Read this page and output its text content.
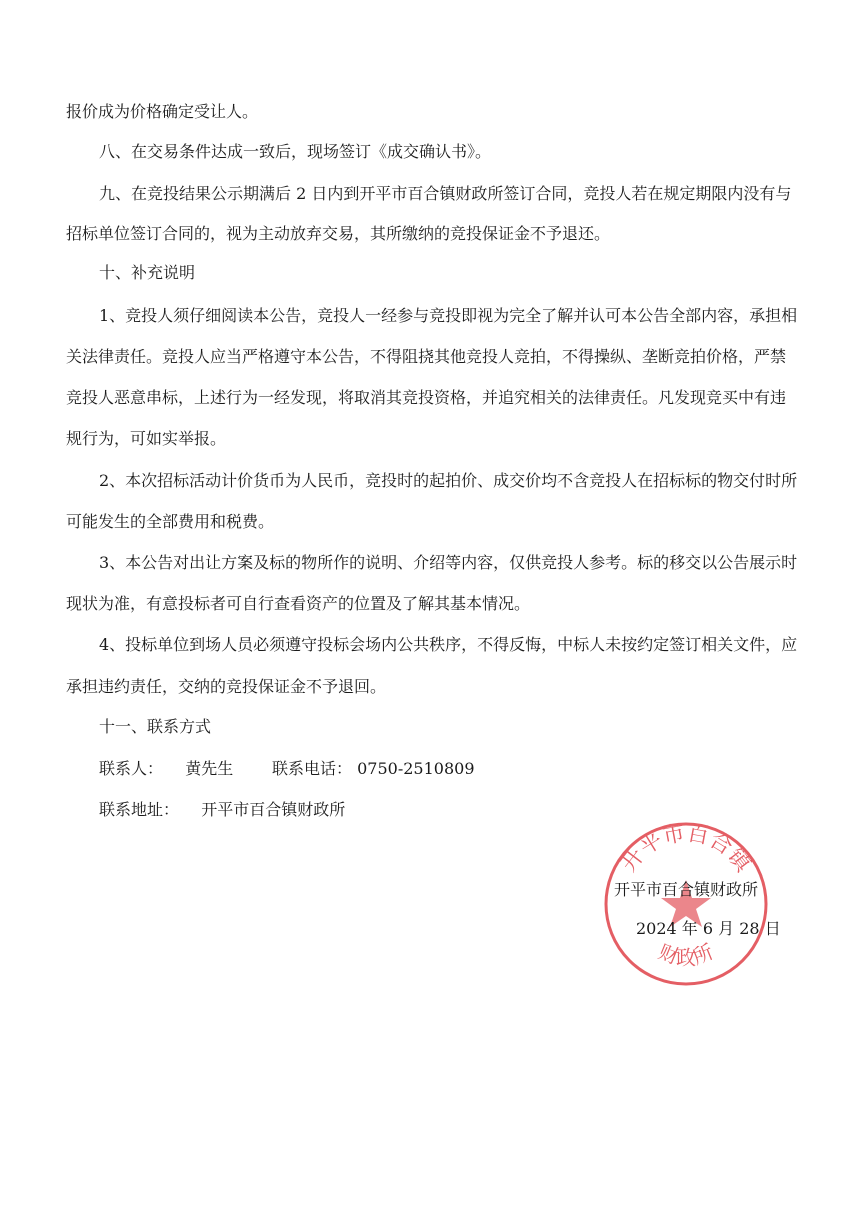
报价成为价格确定受让人。
八、在交易条件达成一致后，现场签订《成交确认书》。
九、在竞投结果公示期满后 2 日内到开平市百合镇财政所签订合同，竞投人若在规定期限内没有与
招标单位签订合同的，视为主动放弃交易，其所缴纳的竞投保证金不予退还。
十、补充说明
1、竞投人须仔细阅读本公告，竞投人一经参与竞投即视为完全了解并认可本公告全部内容，承担相
关法律责任。竞投人应当严格遵守本公告，不得阻挠其他竞投人竞拍，不得操纵、垄断竞拍价格，严禁
竞投人恶意串标，上述行为一经发现，将取消其竞投资格，并追究相关的法律责任。凡发现竞买中有违
规行为，可如实举报。
2、本次招标活动计价货币为人民币，竞投时的起拍价、成交价均不含竞投人在招标标的物交付时所
可能发生的全部费用和税费。
3、本公告对出让方案及标的物所作的说明、介绍等内容，仅供竞投人参考。标的移交以公告展示时
现状为准，有意投标者可自行查看资产的位置及了解其基本情况。
4、投标单位到场人员必须遵守投标会场内公共秩序，不得反悔，中标人未按约定签订相关文件，应
承担违约责任，交纳的竞投保证金不予退回。
十一、联系方式
联系人： 黄先生 联系电话： 0750-2510809
联系地址： 开平市百合镇财政所
开平市百合镇
财政所
开平市百合镇财政所
2024 年 6 月 28 日
